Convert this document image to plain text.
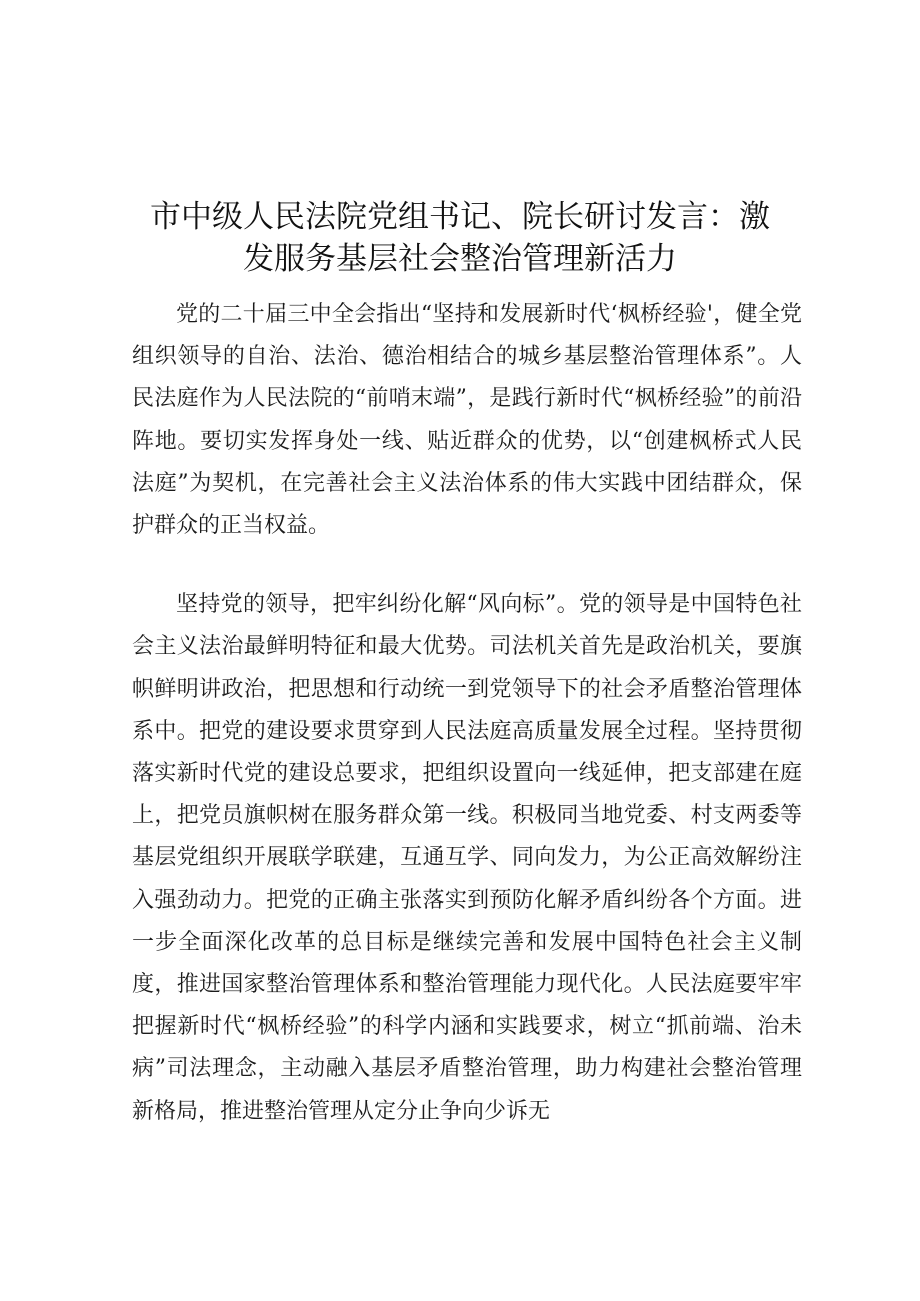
市中级人民法院党组书记、院长研讨发言：激
发服务基层社会整治管理新活力

党的二十届三中全会指出“坚持和发展新时代‘枫桥经验'，健全党组织领导的自治、法治、德治相结合的城乡基层整治管理体系”。人民法庭作为人民法院的“前哨末端”，是践行新时代“枫桥经验”的前沿阵地。要切实发挥身处一线、贴近群众的优势，以“创建枫桥式人民法庭”为契机，在完善社会主义法治体系的伟大实践中团结群众，保护群众的正当权益。

坚持党的领导，把牢纠纷化解“风向标”。党的领导是中国特色社会主义法治最鲜明特征和最大优势。司法机关首先是政治机关，要旗帜鲜明讲政治，把思想和行动统一到党领导下的社会矛盾整治管理体系中。把党的建设要求贯穿到人民法庭高质量发展全过程。坚持贯彻落实新时代党的建设总要求，把组织设置向一线延伸，把支部建在庭上，把党员旗帜树在服务群众第一线。积极同当地党委、村支两委等基层党组织开展联学联建，互通互学、同向发力，为公正高效解纷注入强劲动力。把党的正确主张落实到预防化解矛盾纠纷各个方面。进一步全面深化改革的总目标是继续完善和发展中国特色社会主义制度，推进国家整治管理体系和整治管理能力现代化。人民法庭要牢牢把握新时代“枫桥经验”的科学内涵和实践要求，树立“抓前端、治未病”司法理念，主动融入基层矛盾整治管理，助力构建社会整治管理新格局，推进整治管理从定分止争向少诉无
